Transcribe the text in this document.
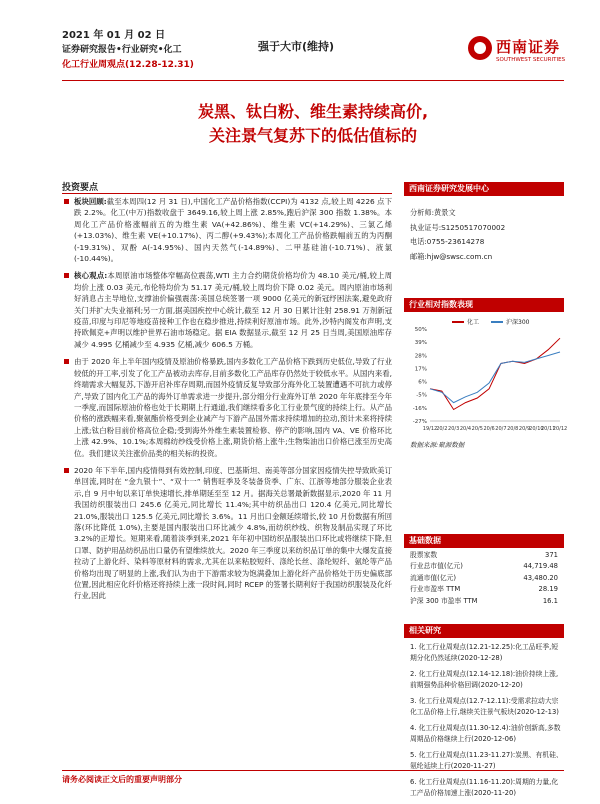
2021 年 01 月 02 日
证券研究报告•行业研究•化工
化工行业周观点(12.28-12.31)
强于大市(维持)	西南证券
SOUTHWEST SECURITIES
炭黑、钛白粉、维生素持续高价,
关注景气复苏下的低估值标的
投资要点
板块回顾:截至本周四(12 月 31 日),中国化工产品价格指数(CCPI)为 4132 点,较上周 4226 点下跌 2.2%。化工(中万)指数收盘于 3649.16,较上周上涨 2.85%,跑后沪深 300 指数 1.38%。本周化工产品价格涨幅前五的为维生素 VA(+42.86%)、维生素 VC(+14.29%)、三氯乙烯(+13.03%)、维生素 VE(+10.17%)、丙二醇(+9.43%);本周化工产品价格跌幅前五的为丙酮(-19.31%)、双酚 A(-14.95%)、国内天然气(-14.89%)、二甲基硅油(-10.71%)、液氯(-10.44%)。
核心观点:本周原油市场整体窄幅高位震荡,WTI 主力合约期货价格均价为 48.10 美元/桶,较上周均价上涨 0.03 美元,布伦特均价为 51.17 美元/桶,较上周均价下降 0.02 美元。周内原油市场利好消息占主导地位,支撑油价偏强震荡:美国总统签署一项 9000 亿美元的新冠纾困法案,避免政府关门并扩大失业福利;另一方面,据美国疾控中心统计,截至 12 月 30 日累计注射 258.91 万剂新冠疫苗,印度与印尼等地疫苗接种工作也在稳步推进,持续利好原油市场。此外,沙特内阁发布声明,支持欧佩克+声明以维护世界石油市场稳定。据 EIA 数据显示,截至 12 月 25 日当周,美国原油库存减少 4.995 亿桶减少至 4.935 亿桶,减少 606.5 万桶。
由于 2020 年上半年国内疫情及原油价格暴跌,国内多数化工产品价格下跌到历史低位,导致了行业较低的开工率,引发了化工产品被动去库存,目前多数化工产品库存仍然处于较低水平。从国内来看,终端需求大幅复苏,下游开启补库存周期,而国外疫情反复导致部分海外化工装置遭遇不可抗力或停产,导致了国内化工产品的海外订单需求进一步提升,部分细分行业海外订单 2020 年年底排至今年一季度,而国际原油价格也处于长期期上行通道,我们继续看多化工行业景气度的持续上行。从产品价格的涨跌幅来看,聚氨酯价格受到企业减产与下游产品国外需求持续增加的拉动,预计未来将持续上涨;钛白粉目前价格高位企稳;受到海外外维生素装置检修、停产的影响,国内 VA、VE 价格环比上涨 42.9%、10.1%;本周棉纺纱线受价格上涨,期货价格上涨牛;生物柴油出口价格已涨至历史高位。我们建议关注涨价品类的相关标的投资。
2020 年下半年,国内疫情得到有效控制,印度、巴基斯坦、南美等部分国家因疫情失控导致欧美订单回流,同时在 “金九银十”、“双十一” 销售旺季及冬装备货季、广东、江浙等地部分服装企业表示,自 9 月中旬以来订单快速增长,排单期延至至 12 月。据海关总署最新数据显示,2020 年 11 月我国纺织服装出口 245.6 亿美元,同比增长 11.4%;其中纺织品出口 120.4 亿美元,同比增长 21.0%,服装出口 125.5 亿美元,同比增长 3.6%。11 月出口金额延续增长,较 10 月份数据有所回落(环比降低 1.0%),主要是国内服装出口环比减少 4.8%,而纺织纱线、织物及制品实现了环比 3.2%的正增长。短期来看,随着淡季到来,2021 年年初中国纺织品服装出口环比或将继续下降,但口罩、防护用品纺织品出口量仍有望维续放大。2020 年三季度以来纺织品订单的集中大爆发直接拉动了上游化纤、染料等原材料的需求,尤其在以来粘胶短纤、涤纶长丝、涤纶短纤、氨纶等产品价格均出现了明显的上涨,我们认为由于下游需求较为饱满叠加上游化纤产品价格处于历史偏底部位置,因此相应化纤价格还将持续上涨一段时间,同时 RCEP 的签署长期利好于我国纺织服装及化纤行业,因此
西南证券研究发展中心
分析师:黄景文
执业证号:S1250517070002
电话:0755-23614278
邮箱:hjw@swsc.com.cn
行业相对指数表现
50%
39%
28%
17%
6%
-5%
-16%
-27%
19/12
20/2 20/3 20/4 20/5 20/6 20/7 20/8 20/9
20/10
20/11
20/12
化工	沪深300
数据来源:聚源数据
基础数据
股票家数	371
行业总市值(亿元)	44,719.48
流通市值(亿元)	43,480.20
行业市盈率 TTM	28.19
沪深 300 市盈率 TTM	16.1
相关研究
1. 化工行业周观点(12.21-12.25):化工品旺季,短期分化仍然延续(2020-12-28)
2. 化工行业周观点(12.14-12.18):油价持续上涨,前期强势品种价格回调(2020-12-20)
3. 化工行业周观点(12.7-12.11):受需求拉动大宗化工品价格上行,继续关注景气板块(2020-12-13)
4. 化工行业周观点(11.30-12.4):油价创新高,多数周期品价格继续上行(2020-12-06)
5. 化工行业周观点(11.23-11.27):炭黑、有机硅、氨纶延续上行(2020-11-27)
6. 化工行业周观点(11.16-11.20):周期的力量,化工产品价格加速上涨(2020-11-20)
请务必阅读正文后的重要声明部分
